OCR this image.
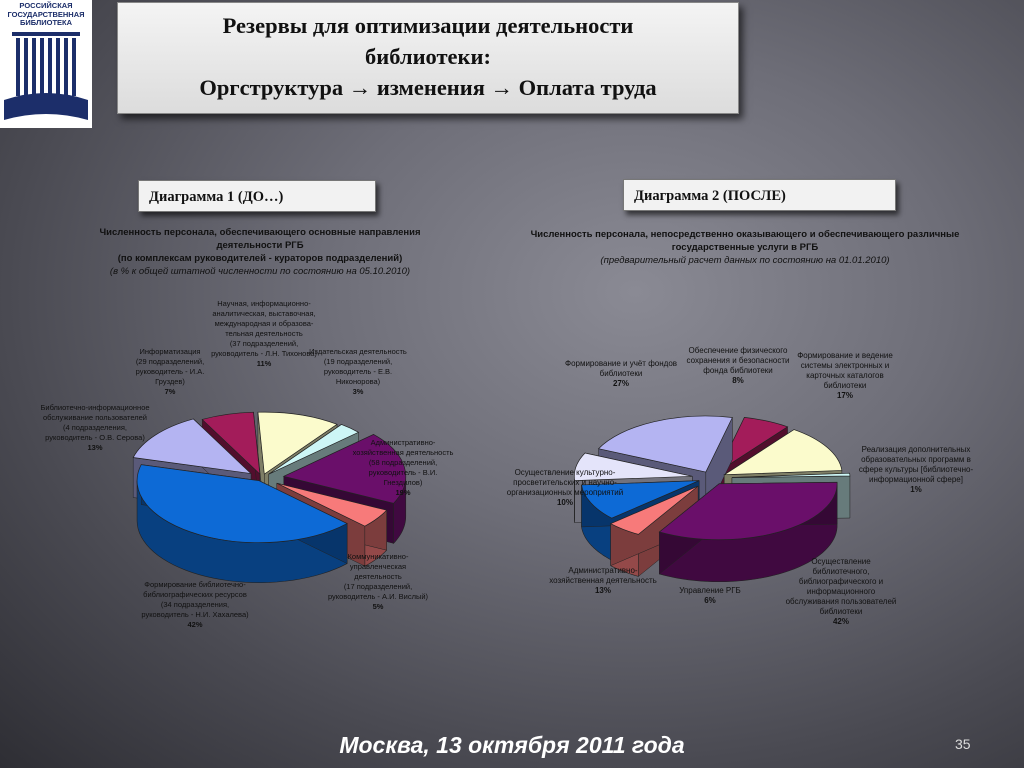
РОССИЙСКАЯ
ГОСУДАРСТВЕННАЯ
БИБЛИОТЕКА	Резервы для оптимизации деятельности
библиотеки:
Оргструктура → изменения → Оплата труда
Диаграмма 1 (ДО…)	Диаграмма 2 (ПОСЛЕ)
Численность персонала, обеспечивающего основные направления деятельности РГБ
(по комплексам руководителей - кураторов подразделений)
(в % к общей штатной численности по состоянию на 05.10.2010)
Численность персонала, непосредственно оказывающего и обеспечивающего различные государственные услуги в РГБ
(предварительный расчет данных по состоянию на 01.01.2010)
Научная, информационно-
аналитическая, выставочная,
международная и образова-
тельная деятельность
(37 подразделений,
руководитель - Л.Н. Тихонова)
11%
Издательская деятельность
(19 подразделений,
руководитель - Е.В.
Никонорова)
3%
Административно-
хозяйственная деятельность
(58 подразделений,
руководитель - В.И. Гнездилов)
19%
Коммуникативно-
управленческая деятельность
(17 подразделений,
руководитель - А.И. Вислый)
5%
Формирование библиотечно-
библиографических ресурсов
(34 подразделения,
руководитель - Н.И. Хахалева)
42%
Библиотечно-информационное
обслуживание пользователей
(4 подразделения,
руководитель - О.В. Серова)
13%
Информатизация
(29 подразделений,
руководитель - И.А. Груздев)
7%
Обеспечение физического
сохранения и безопасности
фонда библиотеки
8%
Формирование и ведение
системы электронных и
карточных каталогов
библиотеки
17%
Реализация дополнительных
образовательных программ в
сфере культуры [библиотечно-
информационной сфере]
1%
Осуществление
библиотечного,
библиографического и
информационного
обслуживания пользователей
библиотеки
42%
Управление РГБ
6%
Административно-
хозяйственная деятельность
13%
Осуществление культурно-
просветительских и научно-
организационных мероприятий
10%
Формирование и учёт фондов
библиотеки
27%
Москва, 13 октября 2011 года	35
